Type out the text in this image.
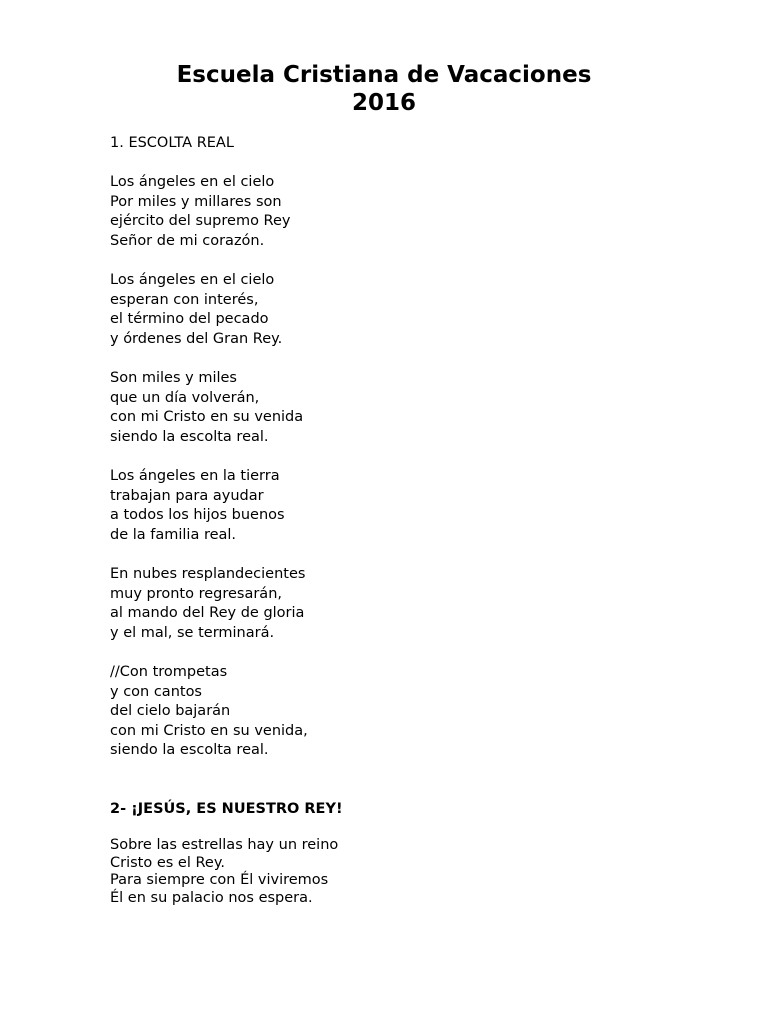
Escuela Cristiana de Vacaciones
2016

1. ESCOLTA REAL

Los ángeles en el cielo
Por miles y millares son
ejército del supremo Rey
Señor de mi corazón.
Los ángeles en el cielo
esperan con interés,
el término del pecado
y órdenes del Gran Rey.
Son miles y miles
que un día volverán,
con mi Cristo en su venida
siendo la escolta real.
Los ángeles en la tierra
trabajan para ayudar
a todos los hijos buenos
de la familia real.
En nubes resplandecientes
muy pronto regresarán,
al mando del Rey de gloria
y el mal, se terminará.
//Con trompetas
y con cantos
del cielo bajarán
con mi Cristo en su venida,
siendo la escolta real.

2- ¡JESÚS, ES NUESTRO REY!

Sobre las estrellas hay un reino
Cristo es el Rey.
Para siempre con Él viviremos
Él en su palacio nos espera.
